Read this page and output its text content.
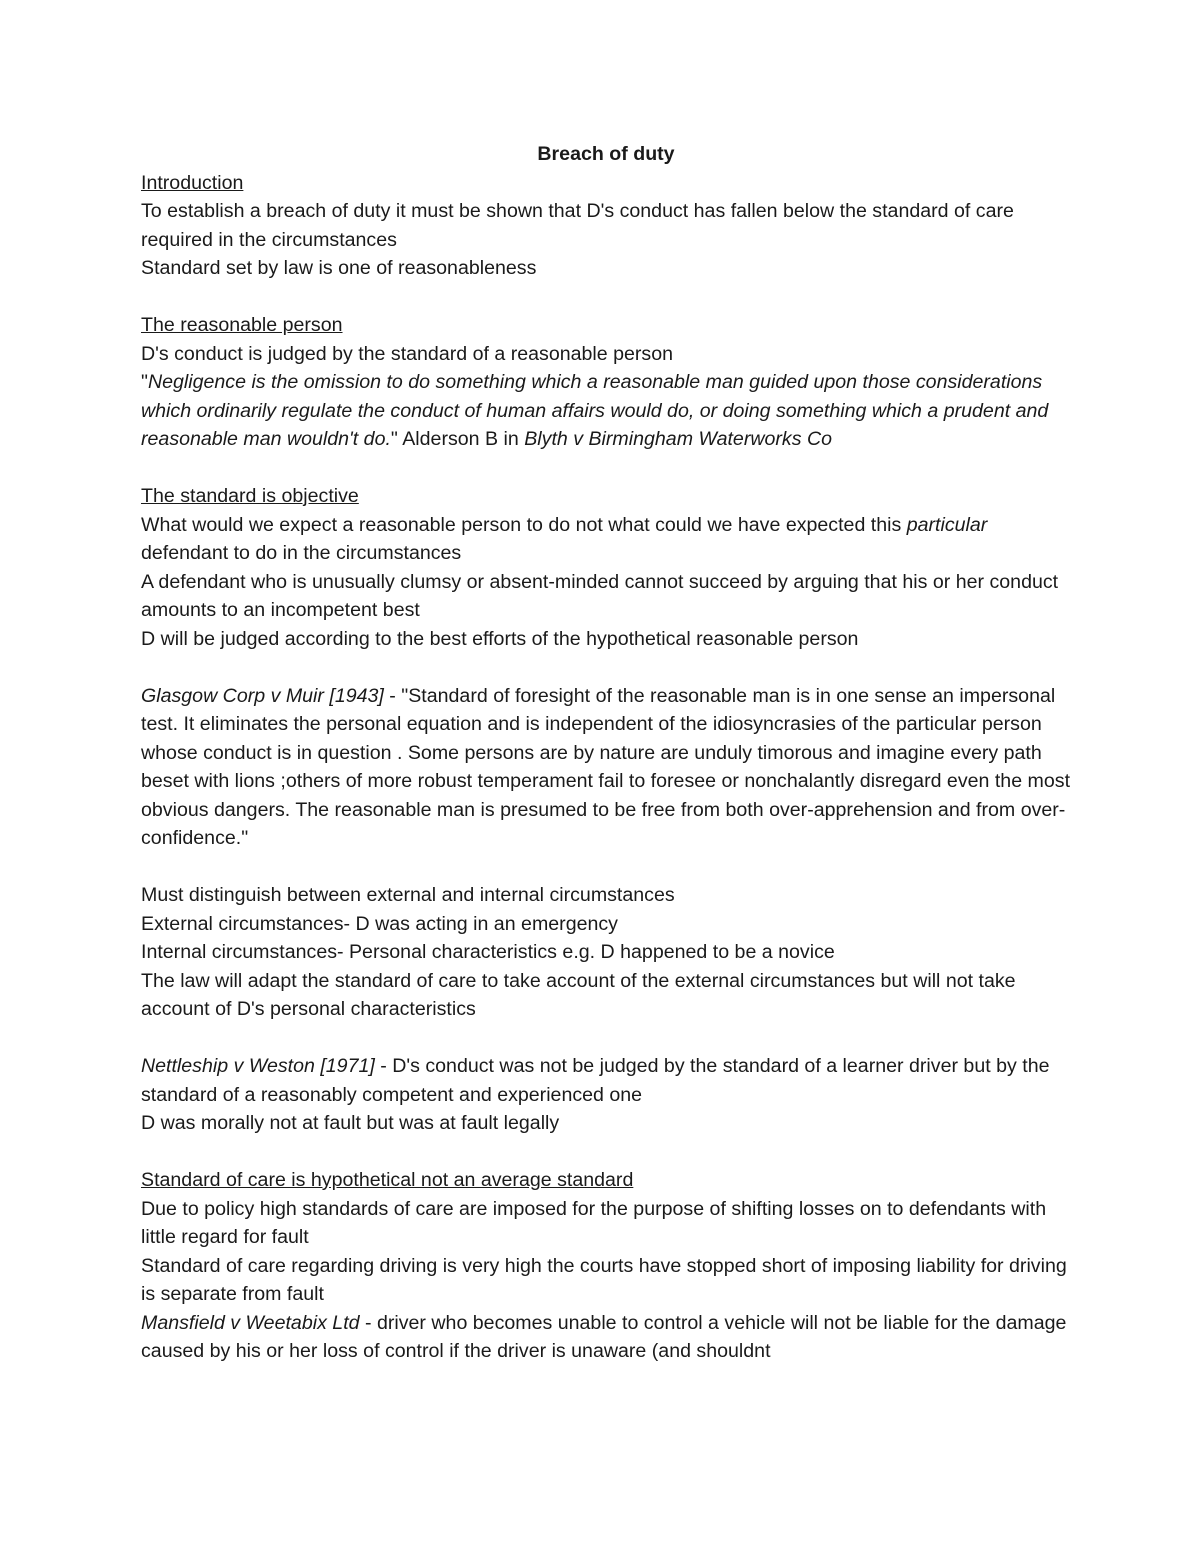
Breach of duty

Introduction

To establish a breach of duty it must be shown that D's conduct has fallen below the standard of care required in the circumstances

Standard set by law is one of reasonableness

The reasonable person

D's conduct is judged by the standard of a reasonable person

"Negligence is the omission to do something which a reasonable man guided upon those considerations which ordinarily regulate the conduct of human affairs would do, or doing something which a prudent and reasonable man wouldn't do." Alderson B in Blyth v Birmingham Waterworks Co

The standard is objective

What would we expect a reasonable person to do not what could we have expected this particular defendant to do in the circumstances

A defendant who is unusually clumsy or absent-minded cannot succeed by arguing that his or her conduct amounts to an incompetent best

D will be judged according to the best efforts of the hypothetical reasonable person

Glasgow Corp v Muir [1943] - "Standard of foresight of the reasonable man is in one sense an impersonal test. It eliminates the personal equation and is independent of the idiosyncrasies of the particular person whose conduct is in question . Some persons are by nature are unduly timorous and imagine every path beset with lions ;others of more robust temperament fail to foresee or nonchalantly disregard even the most obvious dangers. The reasonable man is presumed to be free from both over-apprehension and from over-confidence."

Must distinguish between external and internal circumstances

External circumstances- D was acting in an emergency

Internal circumstances- Personal characteristics e.g. D happened to be a novice

The law will adapt the standard of care to take account of the external circumstances but will not take account of D's personal characteristics

Nettleship v Weston [1971] - D's conduct was not be judged by the standard of a learner driver but by the standard of a reasonably competent and experienced one

D was morally not at fault but was at fault legally

Standard of care is hypothetical not an average standard

Due to policy high standards of care are imposed for the purpose of shifting losses on to defendants with little regard for fault

Standard of care regarding driving is very high the courts have stopped short of imposing liability for driving is separate from fault

Mansfield v Weetabix Ltd - driver who becomes unable to control a vehicle will not be liable for the damage caused by his or her loss of control if the driver is unaware (and shouldnt
